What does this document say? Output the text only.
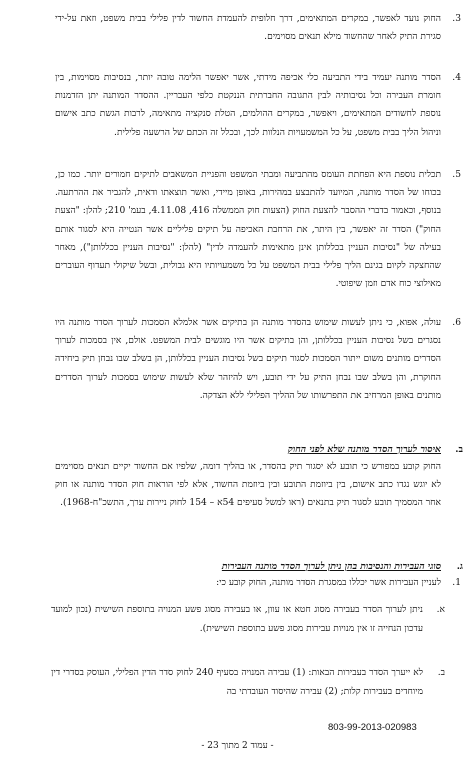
3.
החוק נועד לאפשר, במקרים המתאימים, דרך חלופית להעמדת החשוד לדין פלילי בבית משפט, וזאת על-ידי סגירת התיק לאחר שהחשוד מילא תנאים מסוימים.
4.
הסדר מותנה יעמיד בידי התביעה כלי אכיפה מידתי, אשר יאפשר הלימה טובה יותר, בנסיבות מסוימות, בין חומרת העבירה וכל נסיבותיה לבין התגובה החברתית הננקטת כלפי העבריין. ההסדר המותנה יתן הזדמנות נוספת לחשודים המתאימים, ויאפשר, במקרים ההולמים, הטלת סנקציה מתאימה, לרבות הגשת כתב אישום וניהול הליך בבית משפט, על כל המשמעויות הנלוות לכך, ובכלל זה הכתם של הרשעה פלילית.
5.
תכלית נוספת היא הפחתת העומס מהתביעה ומבתי המשפט והפניית המשאבים לתיקים חמורים יותר. כמו כן, בכוחו של הסדר מותנה, המיועד להתבצע במהירות, באופן מיידי, ואשר תוצאתו ודאית, להגביר את ההרתעה. בנוסף, וכאמור בדברי ההסבר להצעת החוק (הצעות חוק הממשלה 416, 4.11.08, בעמ' 210; להלן: "הצעת החוק") הסדר זה יאפשר, בין היתר, את הרחבת האכיפה על תיקים פליליים אשר הנטייה היא לסגור אותם בעילה של "נסיבות העניין בכללותן אינן מתאימות להעמדה לדין" (להלן: "נסיבות העניין בכללותן"), מאחר שהחצקה לקיום בגינם הליך פלילי בבית המשפט על כל משמעויותיו היא גבולית, ובשל שיקולי תעדוף העוברים מאילוצי כוח אדם וזמן שיפוטי.
6.
עולה, אפוא, כי ניתן לעשות שימוש בהסדר מותנה הן בתיקים אשר אלמלא הסמכות לערוך הסדר מותנה היו נסגרים בשל נסיבות העניין בכללותן, והן בתיקים אשר היו מוגשים לבית המשפט. אולם, אין בסמכות לערוך הסדרים מותנים משום ייתור הסמכות לסגור תיקים בשל נסיבות העניין בכללותן, הן בשלב שבו נבחן תיק ביחידה החוקרת, והן בשלב שבו נבחן התיק על ידי תובע, ויש להיזהר שלא לעשות שימוש בסמכות לערוך הסדרים מותנים באופן המרחיב את התפרשותו של ההליך הפלילי ללא הצדקה.
ב.
איסור לערוך הסדר מותנה שלא לפני החוק
החוק קובע במפורש כי תובע לא יסגור תיק בהסדר, או בהליך דומה, שלפיו אם החשוד יקיים תנאים מסוימים לא יוגש נגדו כתב אישום, בין ביוזמת התובע ובין ביוזמת החשוד, אלא לפי הוראות חוק הסדר מותנה או חוק אחר המסמיך תובע לסגור תיק בתנאים (ראו למשל סעיפים 54א – 154 לחוק ניירות ערך, התשכ"ח-1968).
ג.
סוגי העבירות והנסיבות בהן ניתן לערוך הסדר מותנה העבירות
1.
לעניין העבירות אשר יכללו במסגרת הסדר מותנה, החוק קובע כי:
א.
ניתן לערוך הסדר בעבירה מסוג חטא או עוון, או בעבירה מסוג פשע המנויה בתוספת השישית (נכון למועד עדכון הנחייה זו אין מנויות עבירות מסוג פשע בתוספת השישית).
ב.
לא ייערך הסדר בעבירות הבאות: (1) עבירה המנויה בסעיף 240 לחוק סדר הדין הפלילי, העוסק בסדרי דין מיוחדים בעבירות קלות; (2) עבירה שהיסוד העובדתי בה
803-99-2013-020983
- עמוד 2 מתוך 23 -
